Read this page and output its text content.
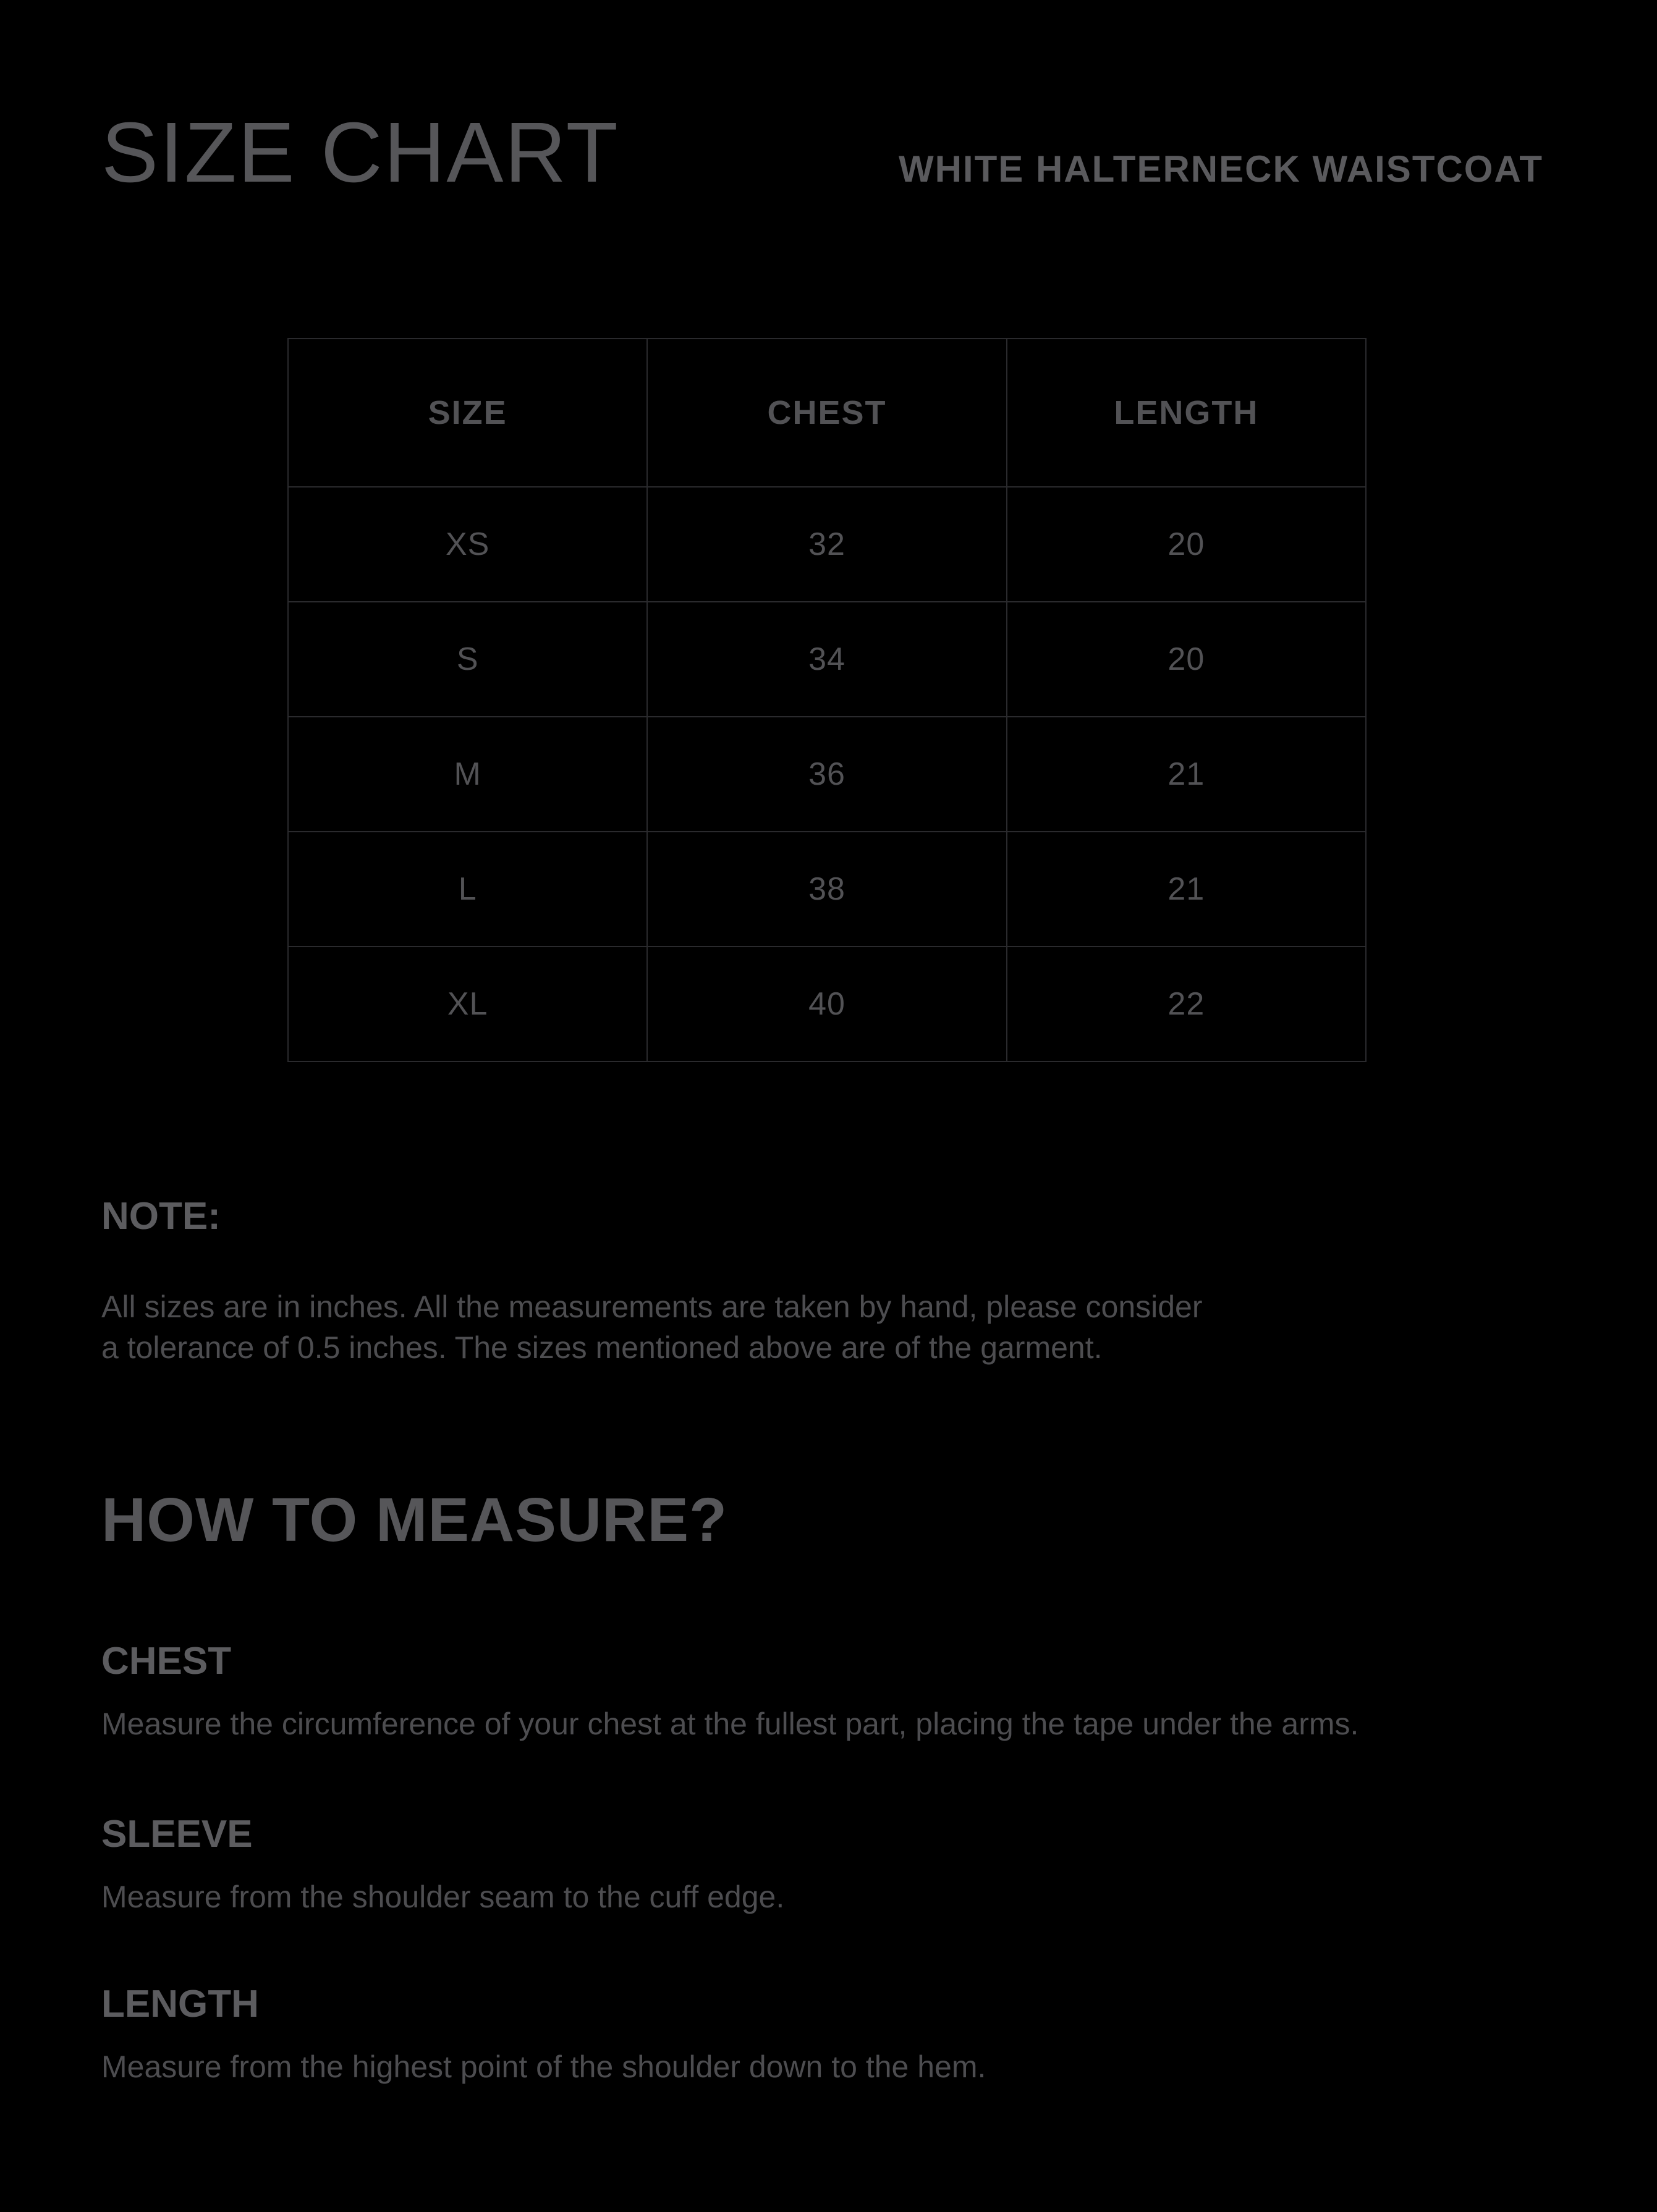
SIZE CHART	WHITE HALTERNECK WAISTCOAT
SIZE	CHEST	LENGTH
XS	32	20
S	34	20
M	36	21
L	38	21
XL	40	22
NOTE:
All sizes are in inches. All the measurements are taken by hand, please consider
a tolerance of 0.5 inches. The sizes mentioned above are of the garment.
HOW TO MEASURE?
CHEST
Measure the circumference of your chest at the fullest part, placing the tape under the arms.
SLEEVE
Measure from the shoulder seam to the cuff edge.
LENGTH
Measure from the highest point of the shoulder down to the hem.
